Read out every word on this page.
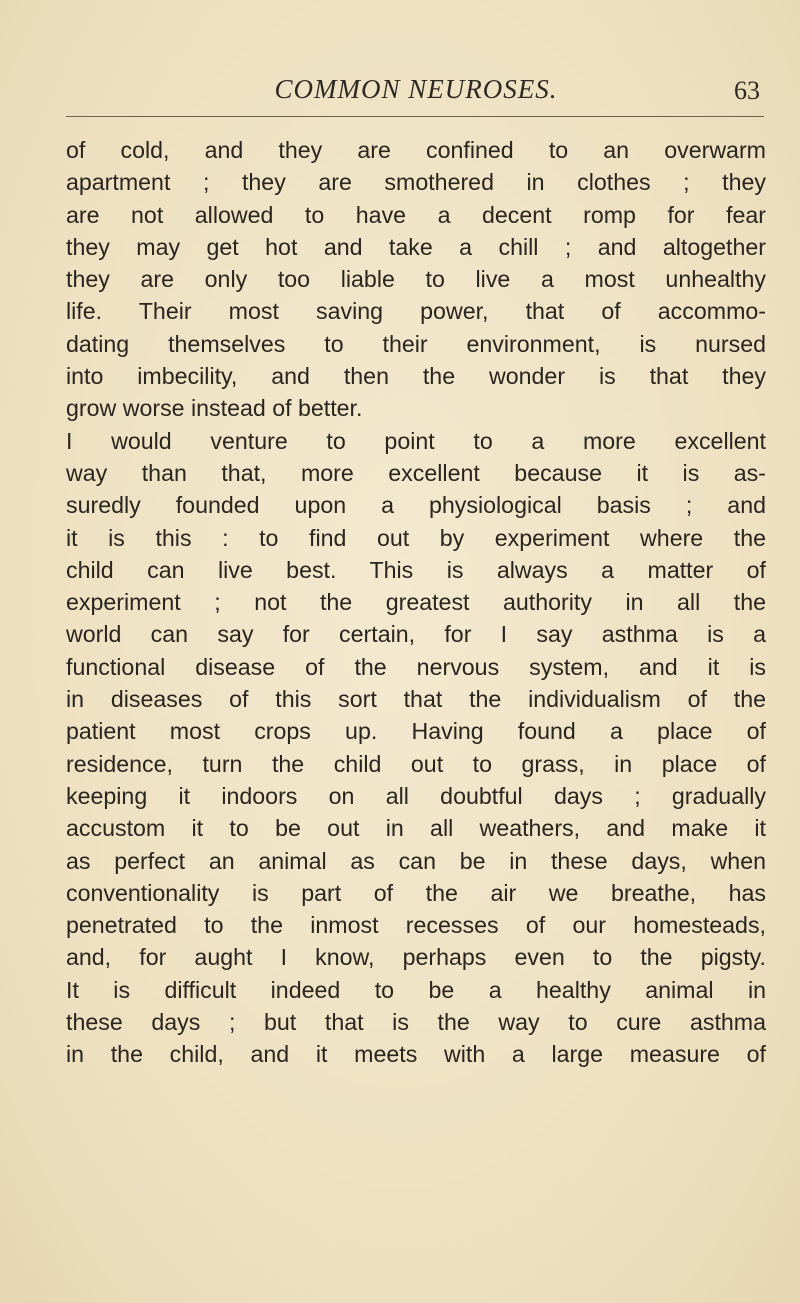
COMMON NEUROSES.	63
of cold, and they are confined to an overwarm
apartment ; they are smothered in clothes ; they
are not allowed to have a decent romp for fear
they may get hot and take a chill ; and altogether
they are only too liable to live a most unhealthy
life. Their most saving power, that of accommo-
dating themselves to their environment, is nursed
into imbecility, and then the wonder is that they
grow worse instead of better.
I would venture to point to a more excellent
way than that, more excellent because it is as-
suredly founded upon a physiological basis ; and
it is this : to find out by experiment where the
child can live best. This is always a matter of
experiment ; not the greatest authority in all the
world can say for certain, for I say asthma is a
functional disease of the nervous system, and it is
in diseases of this sort that the individualism of the
patient most crops up. Having found a place of
residence, turn the child out to grass, in place of
keeping it indoors on all doubtful days ; gradually
accustom it to be out in all weathers, and make it
as perfect an animal as can be in these days, when
conventionality is part of the air we breathe, has
penetrated to the inmost recesses of our homesteads,
and, for aught I know, perhaps even to the pigsty.
It is difficult indeed to be a healthy animal in
these days ; but that is the way to cure asthma
in the child, and it meets with a large measure of
